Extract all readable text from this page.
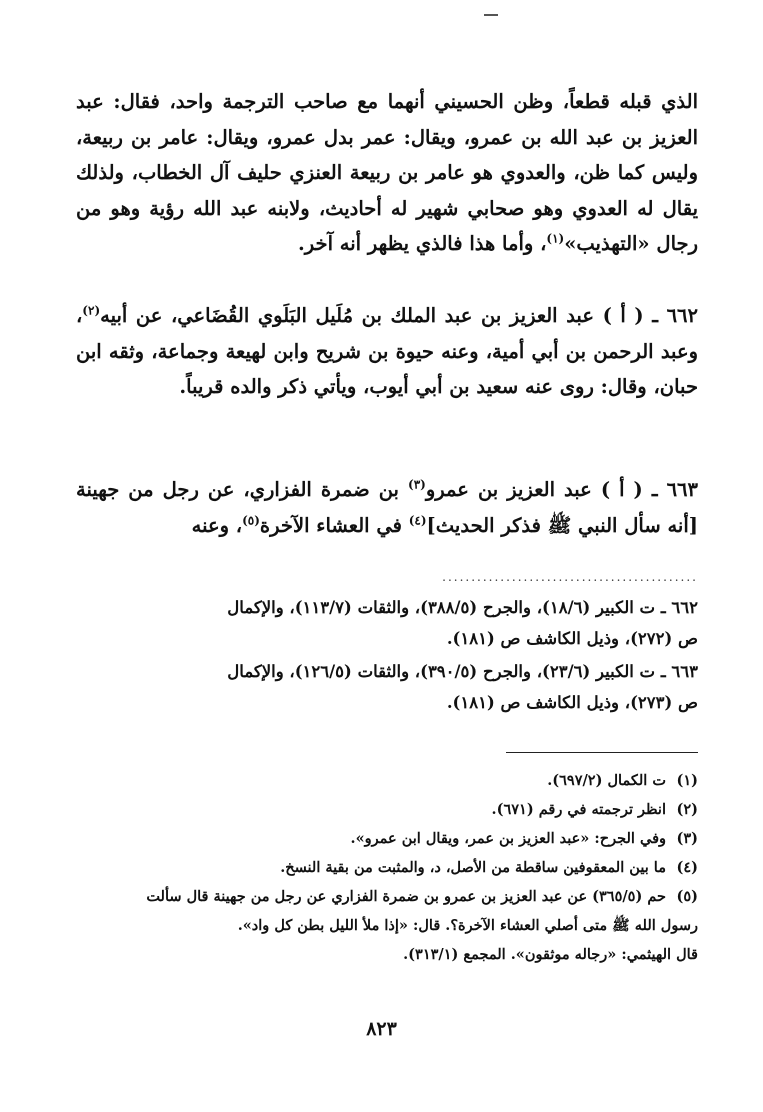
الذي قبله قطعاً، وظن الحسيني أنهما مع صاحب الترجمة واحد، فقال: عبد العزيز بن عبد الله بن عمرو، ويقال: عمر بدل عمرو، ويقال: عامر بن ربيعة، وليس كما ظن، والعدوي هو عامر بن ربيعة العنزي حليف آل الخطاب، ولذلك يقال له العدوي وهو صحابي شهير له أحاديث، ولابنه عبد الله رؤية وهو من رجال «التهذيب»$^{(١)}$، وأما هذا فالذي يظهر أنه آخر.

٦٦٢ ـ ( أ ) عبد العزيز بن عبد الملك بن مُلَيل البَلَوي القُضَاعي، عن أبيه$^{(٢)}$، وعبد الرحمن بن أبي أمية، وعنه حيوة بن شريح وابن لهيعة وجماعة، وثقه ابن حبان، وقال: روى عنه سعيد بن أبي أيوب، ويأتي ذكر والده قريباً.
٦٦٣ ـ ( أ ) عبد العزيز بن عمرو$^{(٣)}$ بن ضمرة الفزاري، عن رجل من جهينة [أنه سأل النبي ﷺ فذكر الحديث]$^{(٤)}$ في العشاء الآخرة$^{(٥)}$، وعنه
............................................
٦٦٢ ـ ت الكبير (١٨/٦)، والجرح (٣٨٨/٥)، والثقات (١١٣/٧)، والإكمال
ص (٢٧٢)، وذيل الكاشف ص (١٨١).
٦٦٣ ـ ت الكبير (٢٣/٦)، والجرح (٣٩٠/٥)، والثقات (١٢٦/٥)، والإكمال
ص (٢٧٣)، وذيل الكاشف ص (١٨١).
(١)
ت الكمال (٦٩٧/٢).
(٢)
انظر ترجمته في رقم (٦٧١).
(٣)
وفي الجرح: «عبد العزيز بن عمر، ويقال ابن عمرو».
(٤)
ما بين المعقوفين ساقطة من الأصل، د، والمثبت من بقية النسخ.
(٥)
حم (٣٦٥/٥) عن عبد العزيز بن عمرو بن ضمرة الفزاري عن رجل من جهينة قال سألت
رسول الله ﷺ متى أصلي العشاء الآخرة؟. قال: «إذا ملأ الليل بطن كل واد».
قال الهيثمي: «رجاله موثقون». المجمع (٣١٣/١).
٨٢٣
